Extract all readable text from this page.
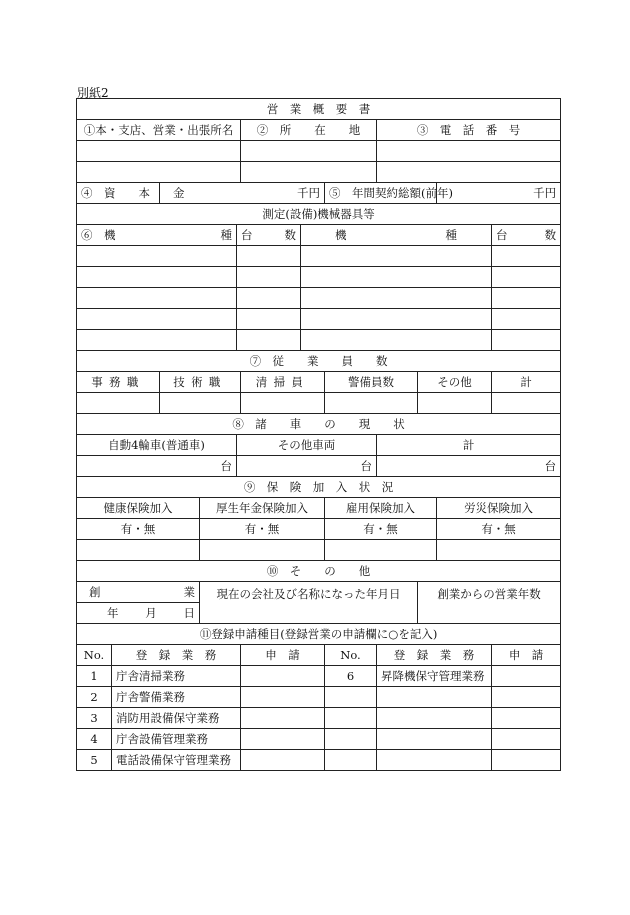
別紙2
営　業　概　要　書											
①本・支店、営業・出張所名					②　所　　在　　地			③　電　話　番　号			

④　資　　本　　金		千円					⑤　年間契約総額(前年)			千円	
測定(設備)機械器具等											

⑥　機 種				台 数		機 種					台 数

⑦　従　　業　　員　　数											
事務職		技術職			清掃員		警備員数		その他		計

⑧　諸　　車　　の　　現　　状											
自動4輪車(普通車)				その他車両				計			
台				台				台			
⑨　保　険　加　入　状　況											
健康保険加入			厚生年金保険加入				雇用保険加入			労災保険加入	
有・無			有・無				有・無			有・無	

⑩　そ　　の　　他											

創 業			現在の会社及び名称になった年月日						創業からの営業年数		

年 月 日											

⑪登録申請種目(登録営業の申請欄に○を記入)											
No.	登　録　業　務				申　請		No.	登　録　業　務			申　請
1	庁舎清掃業務						6	昇降機保守管理業務			
2	庁舎警備業務										
3	消防用設備保守業務										
4	庁舎設備管理業務										
5	電話設備保守管理業務										
